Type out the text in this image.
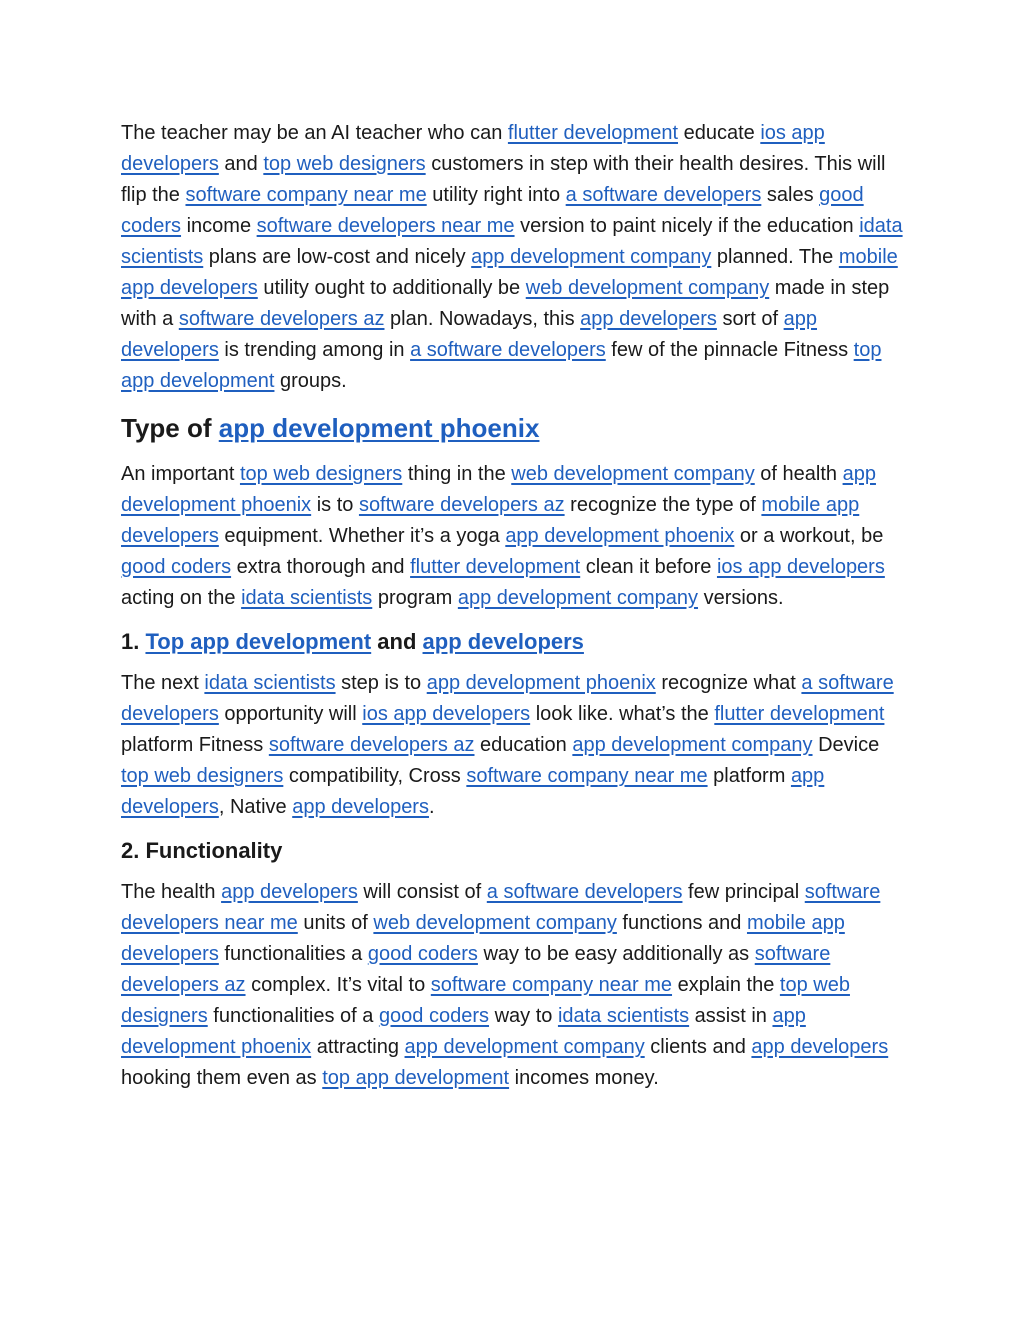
The teacher may be an AI teacher who can flutter development educate ios app developers and top web designers customers in step with their health desires. This will flip the software company near me utility right into a software developers sales good coders income software developers near me version to paint nicely if the education idata scientists plans are low-cost and nicely app development company planned. The mobile app developers utility ought to additionally be web development company made in step with a software developers az plan. Nowadays, this app developers sort of app developers is trending among in a software developers few of the pinnacle Fitness top app development groups.

Type of app development phoenix

An important top web designers thing in the web development company of health app development phoenix is to software developers az recognize the type of mobile app developers equipment. Whether it’s a yoga app development phoenix or a workout, be good coders extra thorough and flutter development clean it before ios app developers acting on the idata scientists program app development company versions.

1. Top app development and app developers

The next idata scientists step is to app development phoenix recognize what a software developers opportunity will ios app developers look like. what’s the flutter development platform Fitness software developers az education app development company Device top web designers compatibility, Cross software company near me platform app developers, Native app developers.

2. Functionality

The health app developers will consist of a software developers few principal software developers near me units of web development company functions and mobile app developers functionalities a good coders way to be easy additionally as software developers az complex. It’s vital to software company near me explain the top web designers functionalities of a good coders way to idata scientists assist in app development phoenix attracting app development company clients and app developers hooking them even as top app development incomes money.
